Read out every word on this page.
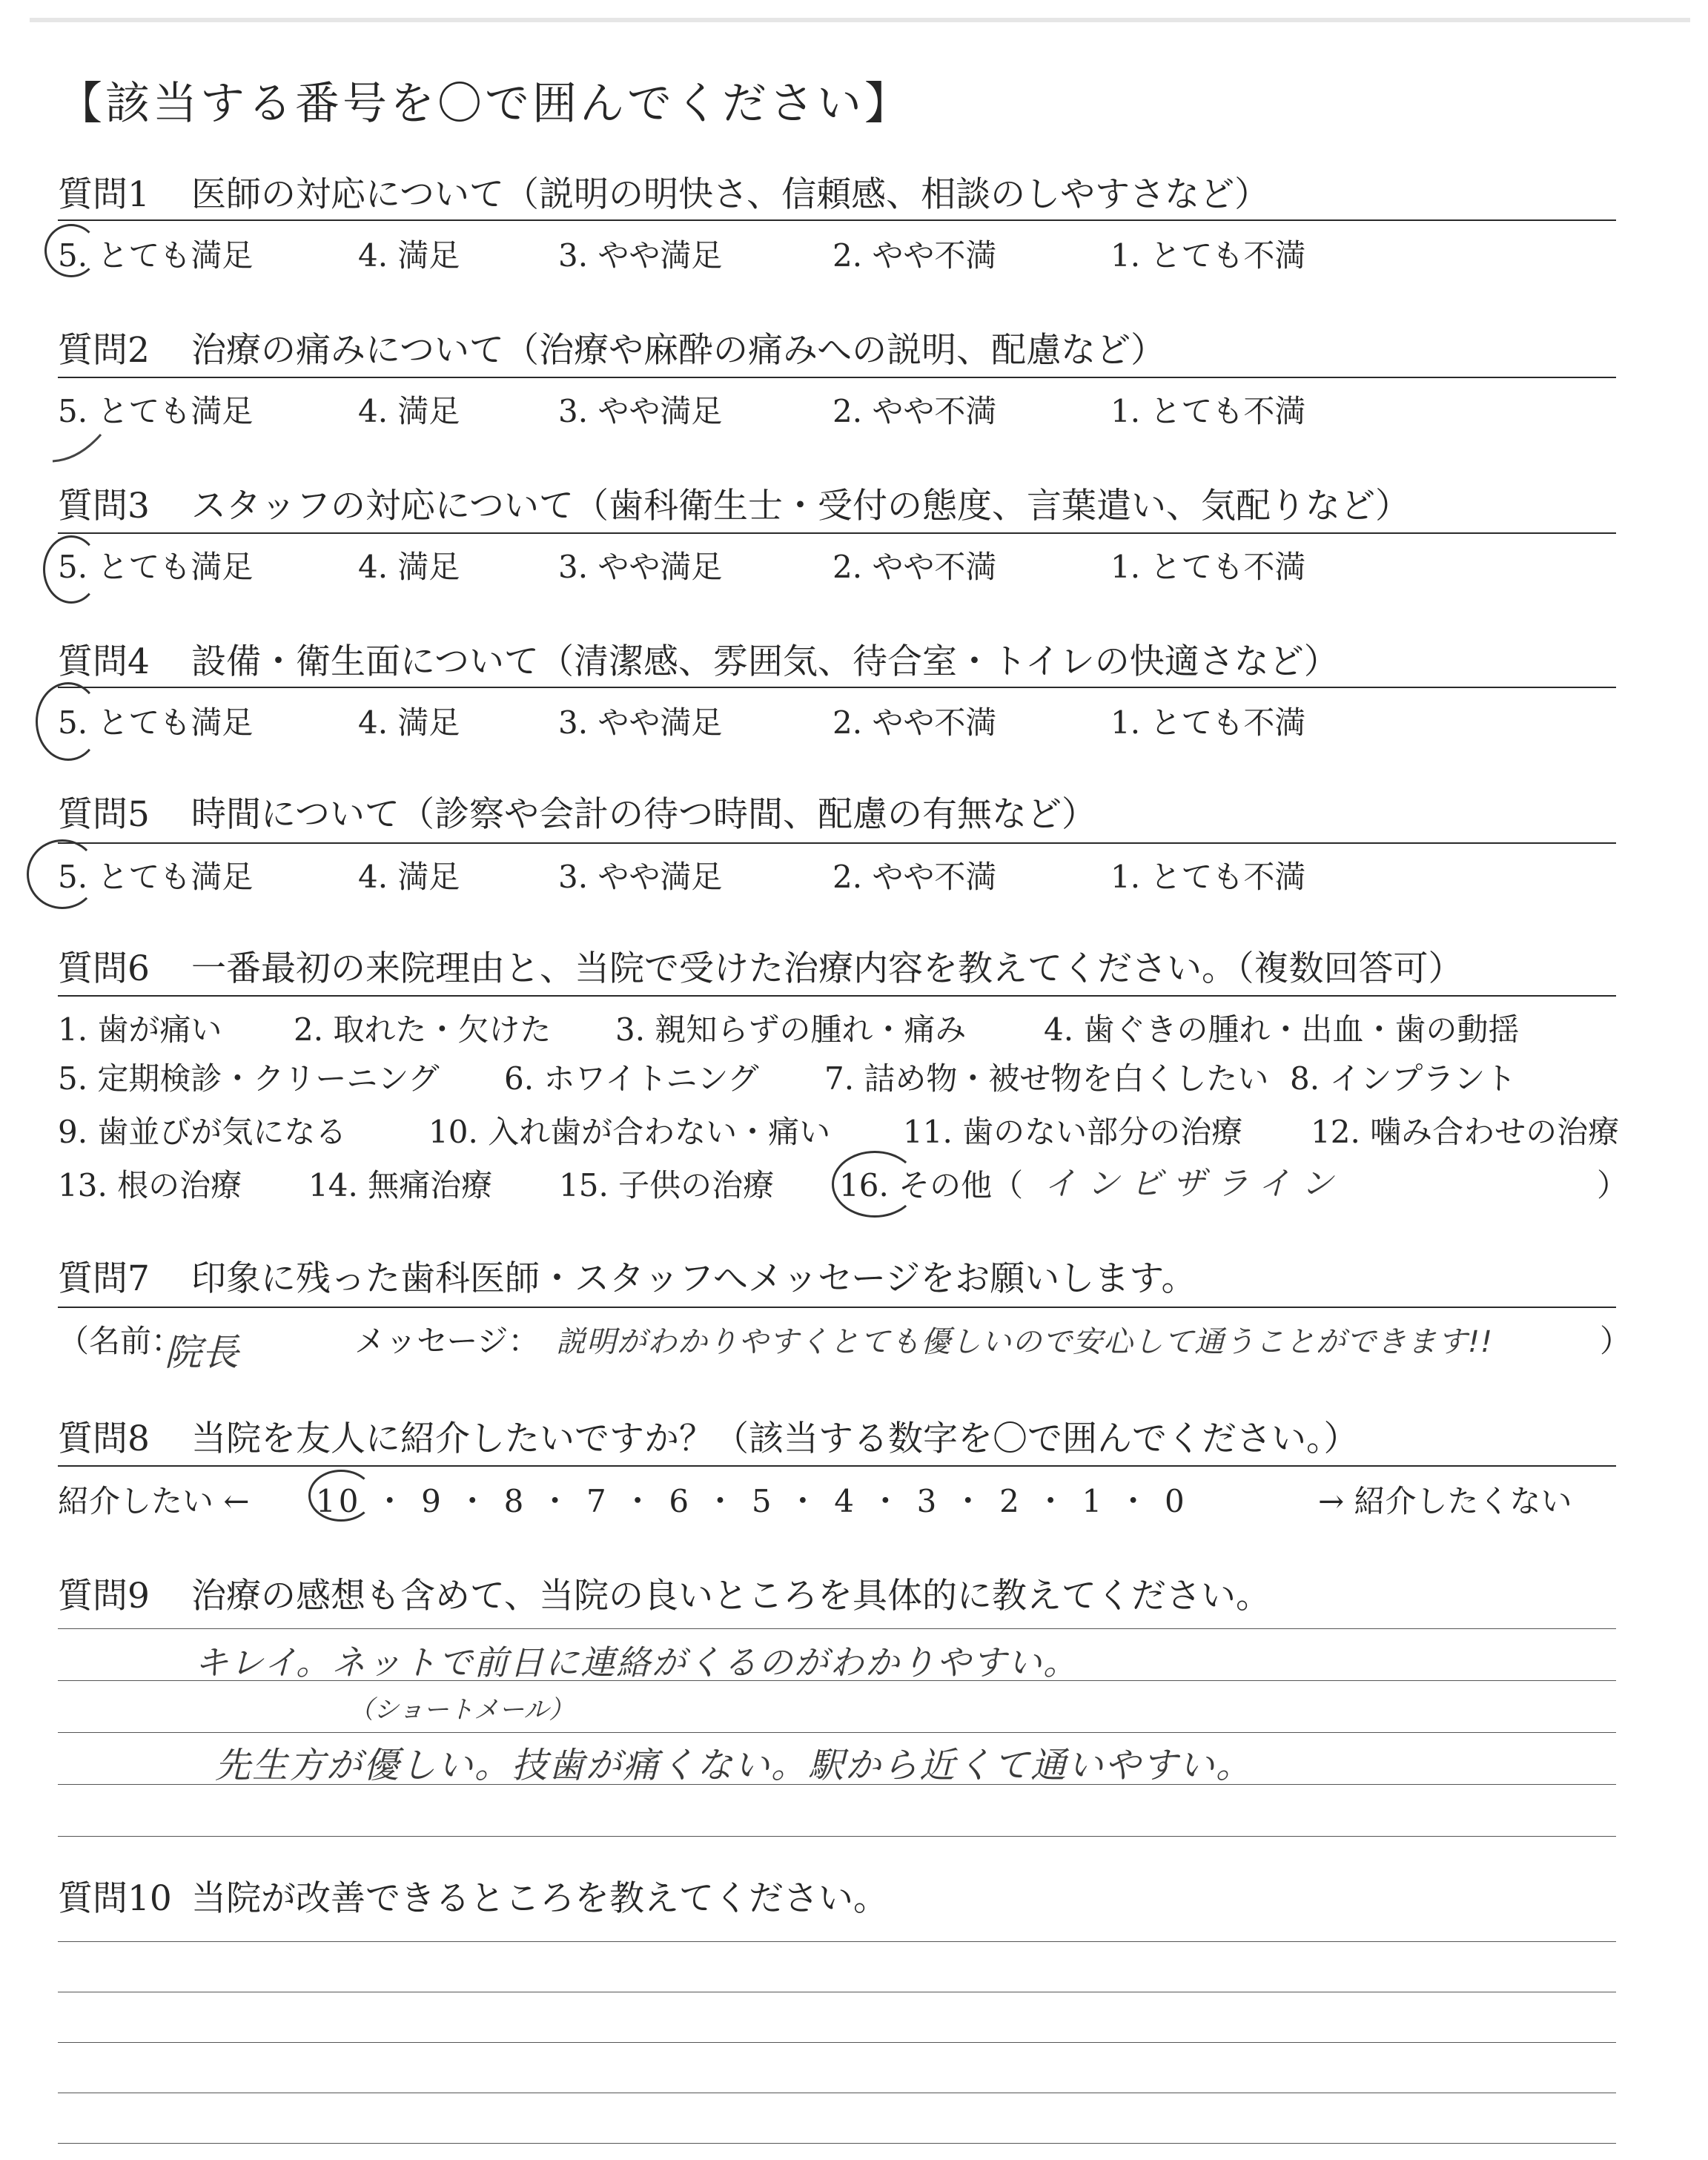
【該当する番号を〇で囲んでください】
質問1 医師の対応について（説明の明快さ、信頼感、相談のしやすさなど）
5. とても満足	4. 満足	3. やや満足	2. やや不満	1. とても不満
質問2 治療の痛みについて（治療や麻酔の痛みへの説明、配慮など）
5. とても満足	4. 満足	3. やや満足	2. やや不満	1. とても不満
質問3 スタッフの対応について（歯科衛生士・受付の態度、言葉遣い、気配りなど）
5. とても満足	4. 満足	3. やや満足	2. やや不満	1. とても不満
質問4 設備・衛生面について（清潔感、雰囲気、待合室・トイレの快適さなど）
5. とても満足	4. 満足	3. やや満足	2. やや不満	1. とても不満
質問5 時間について（診察や会計の待つ時間、配慮の有無など）
5. とても満足	4. 満足	3. やや満足	2. やや不満	1. とても不満
質問6 一番最初の来院理由と、当院で受けた治療内容を教えてください。（複数回答可）
1. 歯が痛い 2. 取れた・欠けた 3. 親知らずの腫れ・痛み 4. 歯ぐきの腫れ・出血・歯の動揺
5. 定期検診・クリーニング 6. ホワイトニング 7. 詰め物・被せ物を白くしたい 8. インプラント
9. 歯並びが気になる	10. 入れ歯が合わない・痛い 11. 歯のない部分の治療 12. 噛み合わせの治療
13. 根の治療 14. 無痛治療 15. 子供の治療 16. その他（	）
インビザライン
質問7 印象に残った歯科医師・スタッフへメッセージをお願いします。
（名前：	メッセージ：	）
院長	説明がわかりやすくとても優しいので安心して通うことができます!!
質問8 当院を友人に紹介したいですか？（該当する数字を〇で囲んでください。）
紹介したい ← 10 ・ 9 ・ 8 ・ 7 ・ 6 ・ 5 ・ 4 ・ 3 ・ 2 ・ 1 ・ 0	→ 紹介したくない
質問9 治療の感想も含めて、当院の良いところを具体的に教えてください。
キレイ。ネットで前日に連絡がくるのがわかりやすい。
（ショートメール）
先生方が優しい。技歯が痛くない。駅から近くて通いやすい。
質問10 当院が改善できるところを教えてください。
